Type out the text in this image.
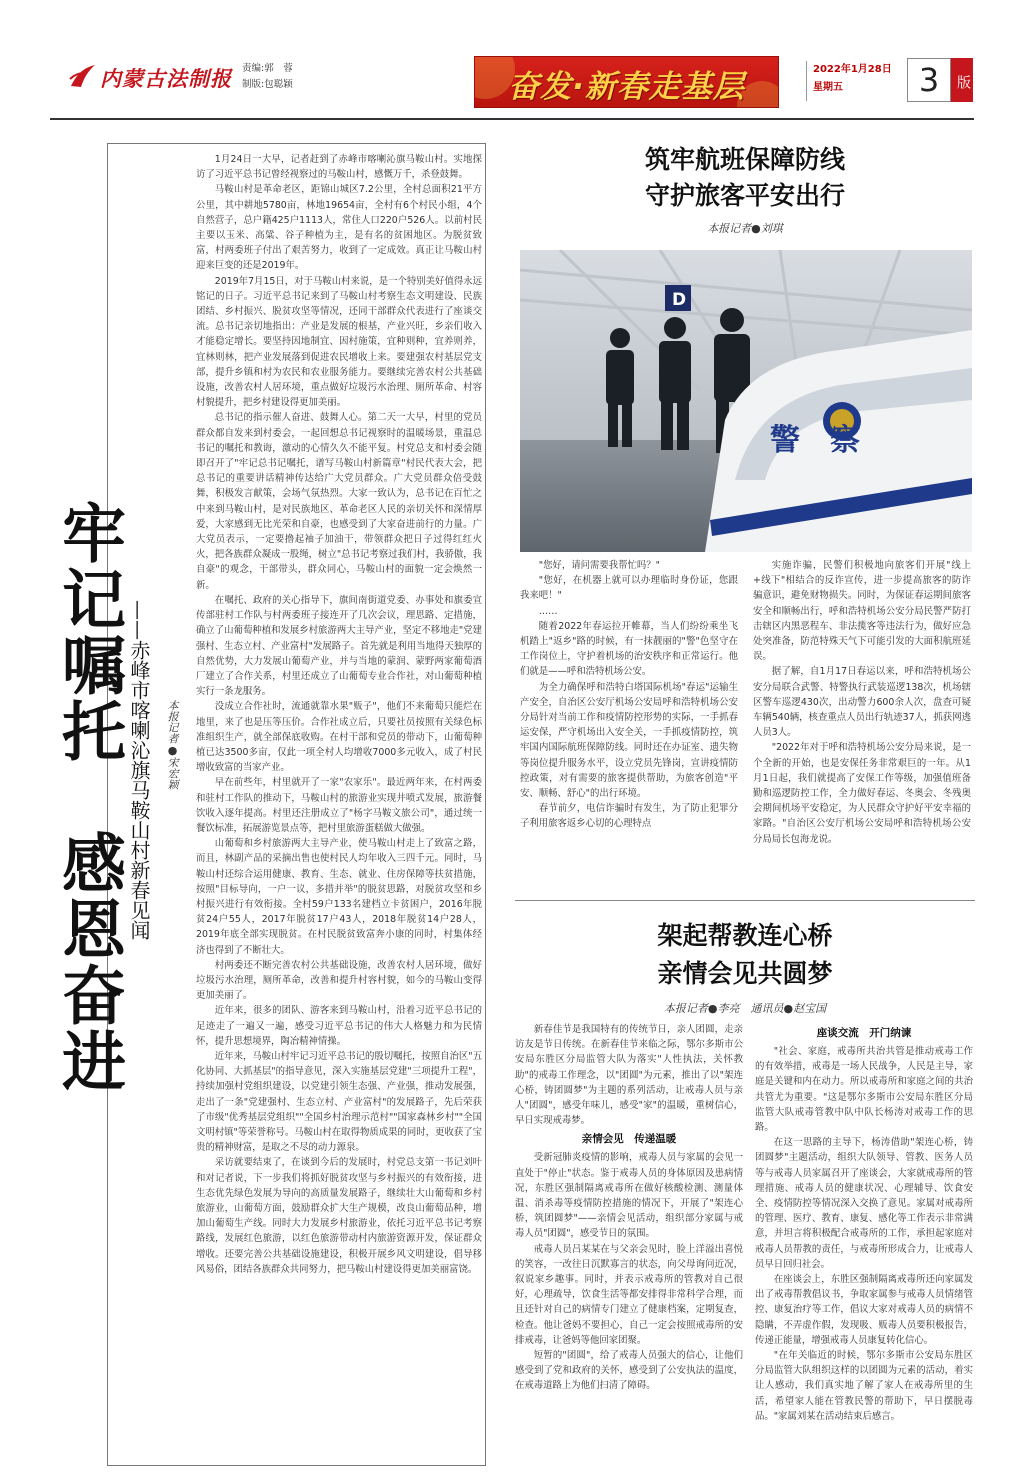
内蒙古法制报 责编:郭　蓉
制版:包聪颖	奋发·新春走基层	2022年1月28日
星期五	3	版
牢记嘱托　感恩奋进 ——赤峰市喀喇沁旗马鞍山村新春见闻 本报记者●宋宏颖

1月24日一大早，记者赶到了赤峰市喀喇沁旗马鞍山村。实地探访了习近平总书记曾经视察过的马鞍山村，感慨万千，杀登鼓舞。

马鞍山村是革命老区，距锦山城区7.2公里，全村总面积21平方公里，其中耕地5780亩，林地19654亩，全村有6个村民小组，4个自然营子，总户籍425户1113人，常住人口220户526人。以前村民主要以玉米、高粱、谷子种植为主，是有名的贫困地区。为脱贫致富，村两委班子付出了艰苦努力，收到了一定成效。真正让马鞍山村迎来巨变的还是2019年。

2019年7月15日，对于马鞍山村来说，是一个特别美好值得永远铭记的日子。习近平总书记来到了马鞍山村考察生态文明建设、民族团结、乡村振兴、脱贫攻坚等情况，还同干部群众代表进行了座谈交流。总书记亲切地指出：产业是发展的根基，产业兴旺，乡亲们收入才能稳定增长。要坚持因地制宜、因村施策，宜种则种，宜养则养，宜林则林，把产业发展落到促进农民增收上来。要建强农村基层党支部，提升乡镇和村为农民和农业服务能力。要继续完善农村公共基础设施，改善农村人居环境，重点做好垃圾污水治理、厕所革命、村容村貌提升，把乡村建设得更加美丽。

总书记的指示催人奋进、鼓舞人心。第二天一大早，村里的党员群众都自发来到村委会，一起回想总书记视察时的温暖场景，重温总书记的嘱托和教诲，激动的心情久久不能平复。村党总支和村委会随即召开了"牢记总书记嘱托，谱写马鞍山村新篇章"村民代表大会，把总书记的重要讲话精神传达给广大党员群众。广大党员群众倍受鼓舞，积极发言献策，会场气氛热烈。大家一致认为，总书记在百忙之中来到马鞍山村，是对民族地区、革命老区人民的亲切关怀和深情厚爱，大家感到无比光荣和自豪，也感受到了大家奋进前行的力量。广大党员表示，一定要撸起袖子加油干，带领群众把日子过得红红火火，把各族群众凝成一股绳，树立"总书记考察过我们村，我骄傲，我自豪"的观念，干部带头，群众同心，马鞍山村的面貌一定会焕然一新。

在嘱托、政府的关心指导下，旗间南街道党委、办事处和旗委宣传部驻村工作队与村两委班子接连开了几次会议，理思路、定措施，确立了山葡萄种植和发展乡村旅游两大主导产业，坚定不移地走"党建强村、生态立村、产业富村"发展路子。首先就是利用当地得天独厚的自然优势，大力发展山葡萄产业，并与当地的蒙润、蒙野两家葡萄酒厂建立了合作关系，村里还成立了山葡萄专业合作社，对山葡萄种植实行一条龙服务。

没成立合作社时，流通就靠水果"贩子"，他们不来葡萄只能烂在地里，来了也是压等压价。合作社成立后，只要社员按照有关绿色标准组织生产，就全部保底收购。在村干部和党员的带动下，山葡萄种植已达3500多亩，仅此一项全村人均增收7000多元收入，成了村民增收致富的当家产业。

早在前些年，村里就开了一家"农家乐"。最近两年来，在村两委和驻村工作队的推动下，马鞍山村的旅游业实现井喷式发展，旅游餐饮收入逐年提高。村里还注册成立了"杨字马鞍文旅公司"，通过统一餐饮标准，拓展游览景点等，把村里旅游蛋糕做大做强。

山葡萄和乡村旅游两大主导产业，使马鞍山村走上了致富之路，而且，林副产品的采摘出售也使村民人均年收入三四千元。同时，马鞍山村还综合运用健康、教育、生态、就业、住房保障等扶贫措施，按照"目标导向，一户一议，多措并举"的脱贫思路，对脱贫攻坚和乡村振兴进行有效衔接。全村59户133名建档立卡贫困户，2016年脱贫24户55人，2017年脱贫17户43人，2018年脱贫14户28人，2019年底全部实现脱贫。在村民脱贫致富奔小康的同时，村集体经济也得到了不断壮大。

村两委还不断完善农村公共基础设施，改善农村人居环境，做好垃圾污水治理，厕所革命，改善和提升村容村貌，如今的马鞍山变得更加美丽了。

近年来，很多的团队、游客来到马鞍山村，沿着习近平总书记的足迹走了一遍又一遍，感受习近平总书记的伟大人格魅力和为民情怀，提升思想境界，陶冶精神情操。

近年来，马鞍山村牢记习近平总书记的殷切嘱托，按照自治区"五化协同、大抓基层"的指导意见，深入实施基层党建"三项提升工程"，持续加强村党组织建设，以党建引领生态强、产业强，推动发展强，走出了一条"党建强村、生态立村、产业富村"的发展路子，先后荣获了市级"优秀基层党组织""全国乡村治理示范村""国家森林乡村""全国文明村镇"等荣誉称号。马鞍山村在取得物质成果的同时，更收获了宝贵的精神财富，是取之不尽的动力源泉。

采访就要结束了，在谈到今后的发展时，村党总支第一书记刘叶和对记者说，下一步我们将抓好脱贫攻坚与乡村振兴的有效衔接，进生态优先绿色发展为导向的高质量发展路子，继续壮大山葡萄和乡村旅游业，山葡萄方面，鼓励群众扩大生产规模，改良山葡萄品种，增加山葡萄生产线。同时大力发展乡村旅游业，依托习近平总书记考察路线，发展红色旅游，以红色旅游带动村内旅游资源开发，保证群众增收。还要完善公共基础设施建设，积极开展乡风文明建设，倡导移风易俗，团结各族群众共同努力，把马鞍山村建设得更加美丽富饶。

筑牢航班保障防线
守护旅客平安出行
本报记者●刘琪
D
警　察

"您好，请问需要我帮忙吗？"

"您好，在机器上就可以办理临时身份证，您跟我来吧！"

……

随着2022年春运拉开帷幕，当人们纷纷乘坐飞机踏上"返乡"路的时候，有一抹靓丽的"警"色坚守在工作岗位上，守护着机场的治安秩序和正常运行。他们就是——呼和浩特机场公安。

为全力确保呼和浩特白塔国际机场"春运"运输生产安全，自治区公安厅机场公安局呼和浩特机场公安分局针对当前工作和疫情防控形势的实际，一手抓春运安保，严守机场出入安全关，一手抓疫情防控，筑牢国内国际航班保障防线。同时还在办证室、遗失物等岗位提升服务水平，设立党员先锋岗，宣讲疫情防控政策，对有需要的旅客提供帮助，为旅客创造"平安、顺畅、舒心"的出行环境。

春节前夕，电信诈骗时有发生，为了防止犯罪分子利用旅客返乡心切的心理特点

实施诈骗，民警们积极地向旅客们开展"线上+线下"相结合的反诈宣传，进一步提高旅客的防诈骗意识，避免财物损失。同时，为保证春运期间旅客安全和顺畅出行，呼和浩特机场公安分局民警严防打击辖区内黑恶程车、非法揽客等违法行为，做好应急处突准备，防范特殊天气下可能引发的大面积航班延误。

据了解，自1月17日春运以来，呼和浩特机场公安分局联合武警、特警执行武装巡逻138次，机场辖区警车巡逻430次，出动警力600余人次，盘查可疑车辆540辆，核查重点人员出行轨迹37人，抓获网逃人员3人。

"2022年对于呼和浩特机场公安分局来说，是一个全新的开始，也是安保任务非常艰巨的一年。从1月1日起，我们就提高了安保工作等级，加强值班备勤和巡逻防控工作，全力做好春运、冬奥会、冬残奥会期间机场平安稳定，为人民群众守护好平安幸福的家路。"自治区公安厅机场公安局呼和浩特机场公安分局局长包海龙说。

架起帮教连心桥
亲情会见共圆梦
本报记者●李亮　通讯员●赵宝国

新春佳节是我国特有的传统节日，亲人团圆，走亲访友是节日传统。在新春佳节来临之际，鄂尔多斯市公安局东胜区分局监管大队为落实"人性执法，关怀教助"的戒毒工作理念，以"团圆"为元素，推出了以"架连心桥，铸团圆梦"为主题的系列活动，让戒毒人员与亲人"团圆"，感受年味儿，感受"家"的温暖，重树信心，早日实现戒毒梦。

亲情会见　传递温暖

受新冠肺炎疫情的影响，戒毒人员与家属的会见一直处于"停止"状态。鉴于戒毒人员的身体原因及患病情况，东胜区强制隔离戒毒所在做好核酸检测、测量体温、消杀毒等疫情防控措施的情况下，开展了"架连心桥，筑团圆梦"——亲情会见活动，组织部分家属与戒毒人员"团圆"，感受节日的氛围。

戒毒人员吕某某在与父亲会见时，脸上洋溢出喜悦的笑容，一改往日沉默寡言的状态，向父母询问近况，叙说家乡趣事。同时，并表示戒毒所的管教对自己很好，心理疏导，饮食生活等都安排得非常科学合理，而且还针对自己的病情专门建立了健康档案，定期复查，检查。他让爸妈不要担心，自己一定会按照戒毒所的安排戒毒，让爸妈等他回家团聚。

短暂的"团圆"，给了戒毒人员强大的信心，让他们感受到了党和政府的关怀，感受到了公安执法的温度，在戒毒道路上为他们扫清了障碍。

座谈交流　开门纳谏

"社会、家庭，戒毒所共治共管是推动戒毒工作的有效举措，戒毒是一场人民战争，人民是主导，家庭是关键和内在动力。所以戒毒所和家庭之间的共治共管尤为重要。"这是鄂尔多斯市公安局东胜区分局监管大队戒毒管教中队中队长杨涛对戒毒工作的思路。

在这一思路的主导下，杨涛借助"架连心桥，铸团圆梦"主题活动，组织大队领导、管教、医务人员等与戒毒人员家属召开了座谈会，大家就戒毒所的管理措施、戒毒人员的健康状况、心理辅导、饮食安全、疫情防控等情况深入交换了意见。家属对戒毒所的管理、医疗、教育、康复、感化等工作表示非常满意，并坦言将积极配合戒毒所的工作，承担起家庭对戒毒人员帮教的责任，与戒毒所形成合力，让戒毒人员早日回归社会。

在座谈会上，东胜区强制隔离戒毒所还向家属发出了戒毒帮教倡议书，争取家属参与戒毒人员情绪管控、康复治疗等工作，倡议大家对戒毒人员的病情不隐瞒，不弄虚作假，发现吸、贩毒人员要积极报告，传递正能量，增强戒毒人员康复转化信心。

"在年关临近的时候，鄂尔多斯市公安局东胜区分局监管大队组织这样的以团圆为元素的活动，着实让人感动，我们真实地了解了家人在戒毒所里的生活，希望家人能在管教民警的帮助下，早日摆脱毒品。"家属刘某在活动结束后感言。
